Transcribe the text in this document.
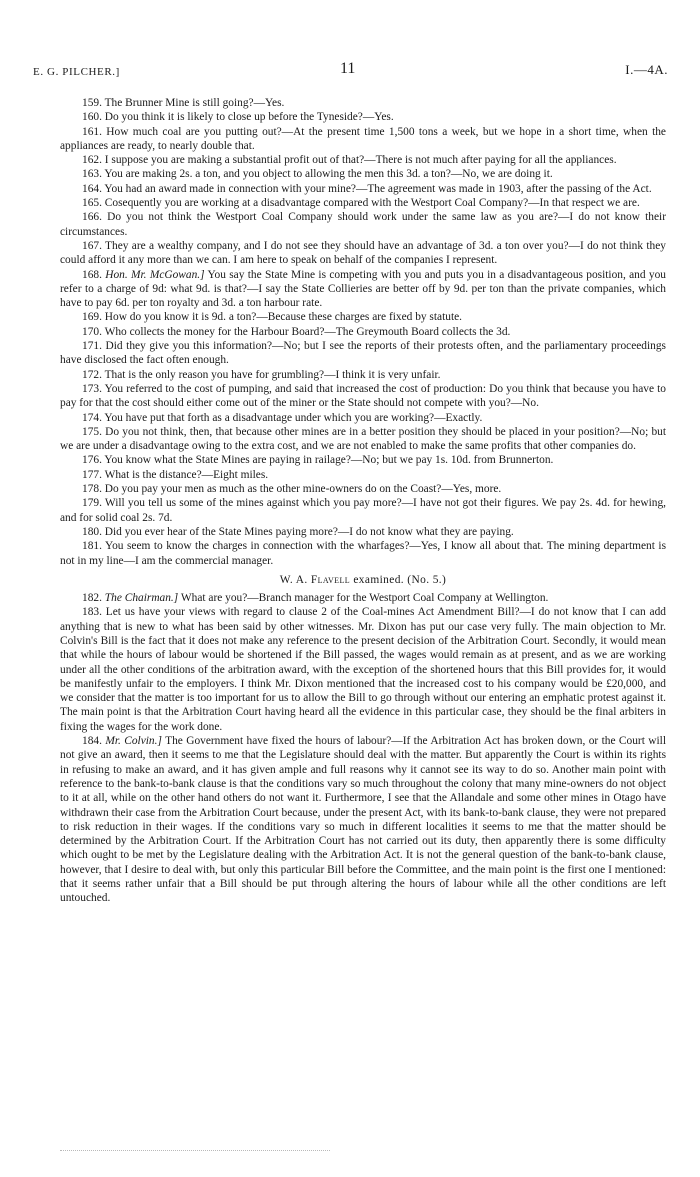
E. G. PILCHER.]	11	I.—4A.

159. The Brunner Mine is still going?—Yes.

160. Do you think it is likely to close up before the Tyneside?—Yes.

161. How much coal are you putting out?—At the present time 1,500 tons a week, but we hope in a short time, when the appliances are ready, to nearly double that.

162. I suppose you are making a substantial profit out of that?—There is not much after paying for all the appliances.

163. You are making 2s. a ton, and you object to allowing the men this 3d. a ton?—No, we are doing it.

164. You had an award made in connection with your mine?—The agreement was made in 1903, after the passing of the Act.

165. Cosequently you are working at a disadvantage compared with the Westport Coal Company?—In that respect we are.

166. Do you not think the Westport Coal Company should work under the same law as you are?—I do not know their circumstances.

167. They are a wealthy company, and I do not see they should have an advantage of 3d. a ton over you?—I do not think they could afford it any more than we can. I am here to speak on behalf of the companies I represent.

168. Hon. Mr. McGowan.] You say the State Mine is competing with you and puts you in a disadvantageous position, and you refer to a charge of 9d: what 9d. is that?—I say the State Collieries are better off by 9d. per ton than the private companies, which have to pay 6d. per ton royalty and 3d. a ton harbour rate.

169. How do you know it is 9d. a ton?—Because these charges are fixed by statute.

170. Who collects the money for the Harbour Board?—The Greymouth Board collects the 3d.

171. Did they give you this information?—No; but I see the reports of their protests often, and the parliamentary proceedings have disclosed the fact often enough.

172. That is the only reason you have for grumbling?—I think it is very unfair.

173. You referred to the cost of pumping, and said that increased the cost of production: Do you think that because you have to pay for that the cost should either come out of the miner or the State should not compete with you?—No.

174. You have put that forth as a disadvantage under which you are working?—Exactly.

175. Do you not think, then, that because other mines are in a better position they should be placed in your position?—No; but we are under a disadvantage owing to the extra cost, and we are not enabled to make the same profits that other companies do.

176. You know what the State Mines are paying in railage?—No; but we pay 1s. 10d. from Brunnerton.

177. What is the distance?—Eight miles.

178. Do you pay your men as much as the other mine-owners do on the Coast?—Yes, more.

179. Will you tell us some of the mines against which you pay more?—I have not got their figures. We pay 2s. 4d. for hewing, and for solid coal 2s. 7d.

180. Did you ever hear of the State Mines paying more?—I do not know what they are paying.

181. You seem to know the charges in connection with the wharfages?—Yes, I know all about that. The mining department is not in my line—I am the commercial manager.

W. A. Flavell examined. (No. 5.)

182. The Chairman.] What are you?—Branch manager for the Westport Coal Company at Wellington.

183. Let us have your views with regard to clause 2 of the Coal-mines Act Amendment Bill?—I do not know that I can add anything that is new to what has been said by other witnesses. Mr. Dixon has put our case very fully. The main objection to Mr. Colvin's Bill is the fact that it does not make any reference to the present decision of the Arbitration Court. Secondly, it would mean that while the hours of labour would be shortened if the Bill passed, the wages would remain as at present, and as we are working under all the other conditions of the arbitration award, with the exception of the shortened hours that this Bill provides for, it would be manifestly unfair to the employers. I think Mr. Dixon mentioned that the increased cost to his company would be £20,000, and we consider that the matter is too important for us to allow the Bill to go through without our entering an emphatic protest against it. The main point is that the Arbitration Court having heard all the evidence in this particular case, they should be the final arbiters in fixing the wages for the work done.

184. Mr. Colvin.] The Government have fixed the hours of labour?—If the Arbitration Act has broken down, or the Court will not give an award, then it seems to me that the Legislature should deal with the matter. But apparently the Court is within its rights in refusing to make an award, and it has given ample and full reasons why it cannot see its way to do so. Another main point with reference to the bank-to-bank clause is that the conditions vary so much throughout the colony that many mine-owners do not object to it at all, while on the other hand others do not want it. Furthermore, I see that the Allandale and some other mines in Otago have withdrawn their case from the Arbitration Court because, under the present Act, with its bank-to-bank clause, they were not prepared to risk reduction in their wages. If the conditions vary so much in different localities it seems to me that the matter should be determined by the Arbitration Court. If the Arbitration Court has not carried out its duty, then apparently there is some difficulty which ought to be met by the Legislature dealing with the Arbitration Act. It is not the general question of the bank-to-bank clause, however, that I desire to deal with, but only this particular Bill before the Committee, and the main point is the first one I mentioned: that it seems rather unfair that a Bill should be put through altering the hours of labour while all the other conditions are left untouched.
